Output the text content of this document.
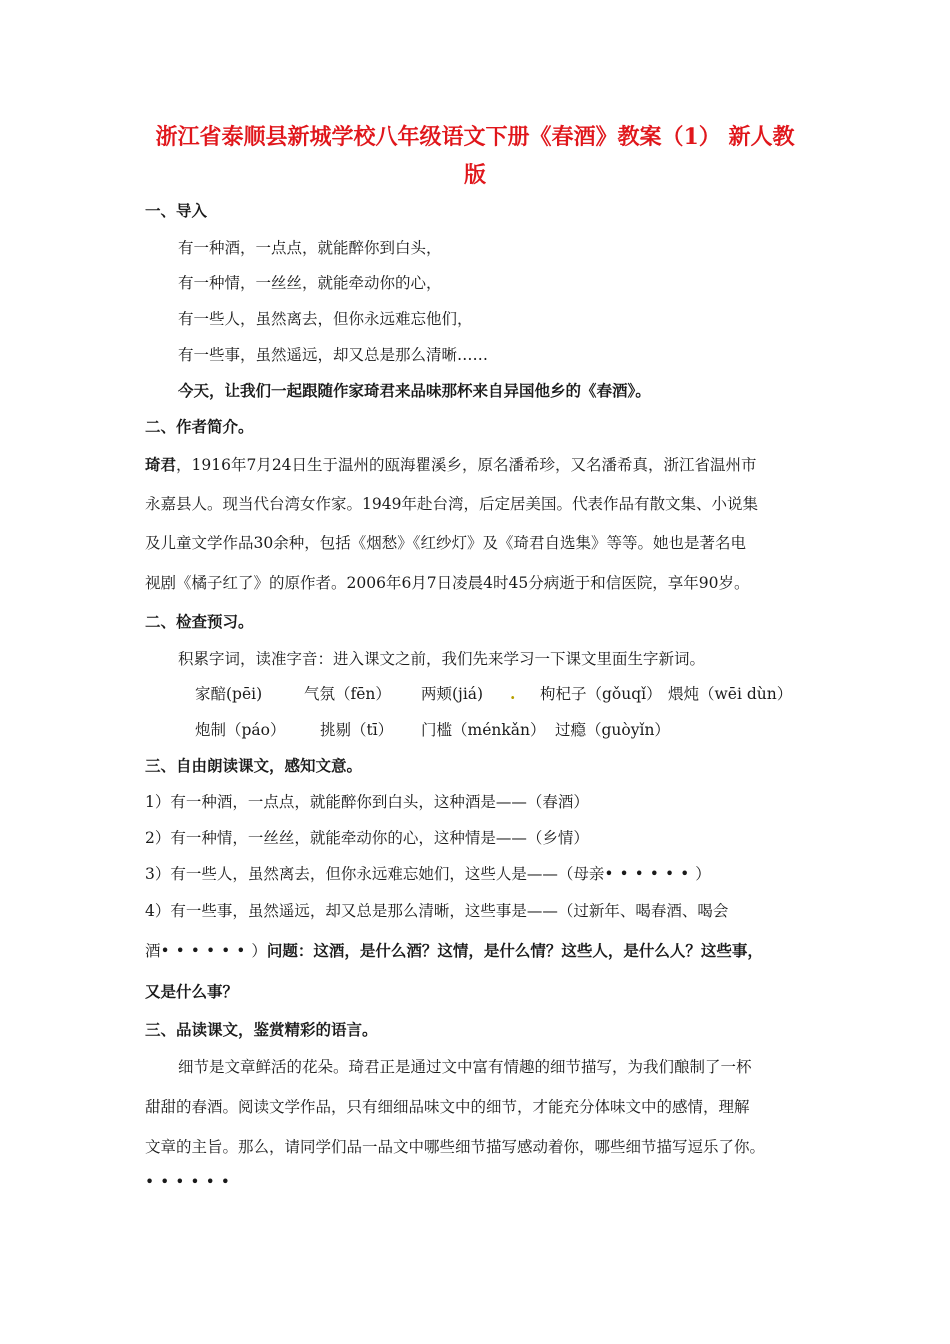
浙江省泰顺县新城学校八年级语文下册《春酒》教案（1） 新人教
版
一、导入
有一种酒，一点点，就能醉你到白头，
有一种情，一丝丝，就能牵动你的心，
有一些人，虽然离去，但你永远难忘他们，
有一些事，虽然遥远，却又总是那么清晰……
今天，让我们一起跟随作家琦君来品味那杯来自异国他乡的《春酒》。
二、作者简介。
琦君，1916年7月24日生于温州的瓯海瞿溪乡，原名潘希珍，又名潘希真，浙江省温州市
永嘉县人。现当代台湾女作家。1949年赴台湾，后定居美国。代表作品有散文集、小说集
及儿童文学作品30余种，包括《烟愁》《红纱灯》及《琦君自选集》等等。她也是著名电
视剧《橘子红了》的原作者。2006年6月7日凌晨4时45分病逝于和信医院，享年90岁。
二、检查预习。
积累字词，读准字音：进入课文之前，我们先来学习一下课文里面生字新词。
家醅(pēi)	气氛（fēn） 两颊(jiá) . 枸杞子（gǒuqǐ） 煨炖（wēi dùn）
炮制（páo） 挑剔（tī） 门槛（ménkǎn） 过瘾（guòyǐn）
三、自由朗读课文，感知文意。
1）有一种酒，一点点，就能醉你到白头，这种酒是——（春酒）
2）有一种情，一丝丝，就能牵动你的心，这种情是——（乡情）
3）有一些人，虽然离去，但你永远难忘她们，这些人是——（母亲••••••）
4）有一些事，虽然遥远，却又总是那么清晰，这些事是——（过新年、喝春酒、喝会
酒••••••）问题：这酒，是什么酒？这情，是什么情？这些人，是什么人？这些事，
又是什么事？
三、品读课文，鉴赏精彩的语言。
细节是文章鲜活的花朵。琦君正是通过文中富有情趣的细节描写，为我们酿制了一杯
甜甜的春酒。阅读文学作品，只有细细品味文中的细节，才能充分体味文中的感情，理解
文章的主旨。那么，请同学们品一品文中哪些细节描写感动着你，哪些细节描写逗乐了你。
••••••
